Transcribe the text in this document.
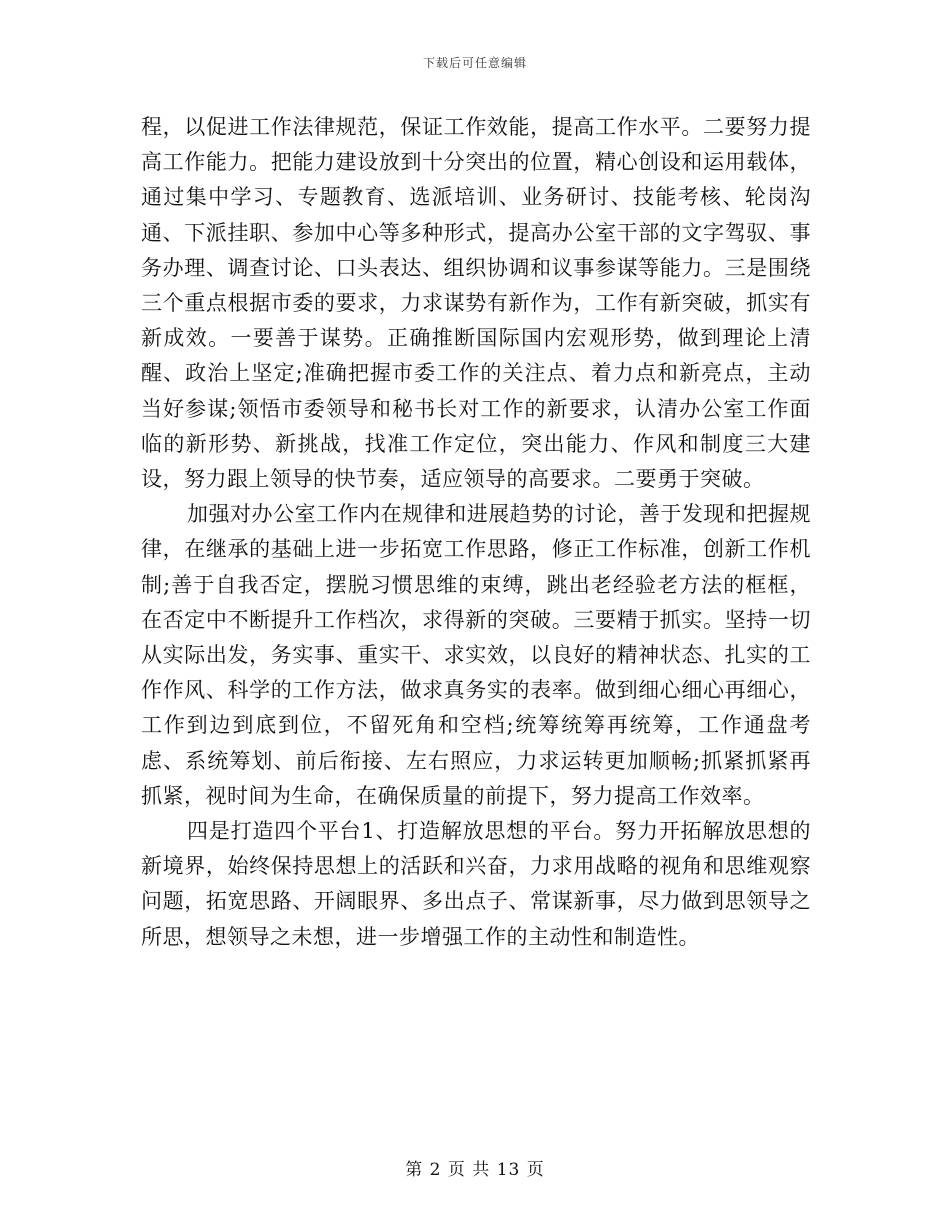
下载后可任意编辑

程，以促进工作法律规范，保证工作效能，提高工作水平。二要努力提高工作能力。把能力建设放到十分突出的位置，精心创设和运用载体，通过集中学习、专题教育、选派培训、业务研讨、技能考核、轮岗沟通、下派挂职、参加中心等多种形式，提高办公室干部的文字驾驭、事务办理、调查讨论、口头表达、组织协调和议事参谋等能力。三是围绕三个重点根据市委的要求，力求谋势有新作为，工作有新突破，抓实有新成效。一要善于谋势。正确推断国际国内宏观形势，做到理论上清醒、政治上坚定;准确把握市委工作的关注点、着力点和新亮点，主动当好参谋;领悟市委领导和秘书长对工作的新要求，认清办公室工作面临的新形势、新挑战，找准工作定位，突出能力、作风和制度三大建设，努力跟上领导的快节奏，适应领导的高要求。二要勇于突破。

加强对办公室工作内在规律和进展趋势的讨论，善于发现和把握规律，在继承的基础上进一步拓宽工作思路，修正工作标准，创新工作机制;善于自我否定，摆脱习惯思维的束缚，跳出老经验老方法的框框，在否定中不断提升工作档次，求得新的突破。三要精于抓实。坚持一切从实际出发，务实事、重实干、求实效，以良好的精神状态、扎实的工作作风、科学的工作方法，做求真务实的表率。做到细心细心再细心，工作到边到底到位，不留死角和空档;统筹统筹再统筹，工作通盘考虑、系统筹划、前后衔接、左右照应，力求运转更加顺畅;抓紧抓紧再抓紧，视时间为生命，在确保质量的前提下，努力提高工作效率。

四是打造四个平台1、打造解放思想的平台。努力开拓解放思想的新境界，始终保持思想上的活跃和兴奋，力求用战略的视角和思维观察问题，拓宽思路、开阔眼界、多出点子、常谋新事，尽力做到思领导之所思，想领导之未想，进一步增强工作的主动性和制造性。

第 2 页 共 13 页
